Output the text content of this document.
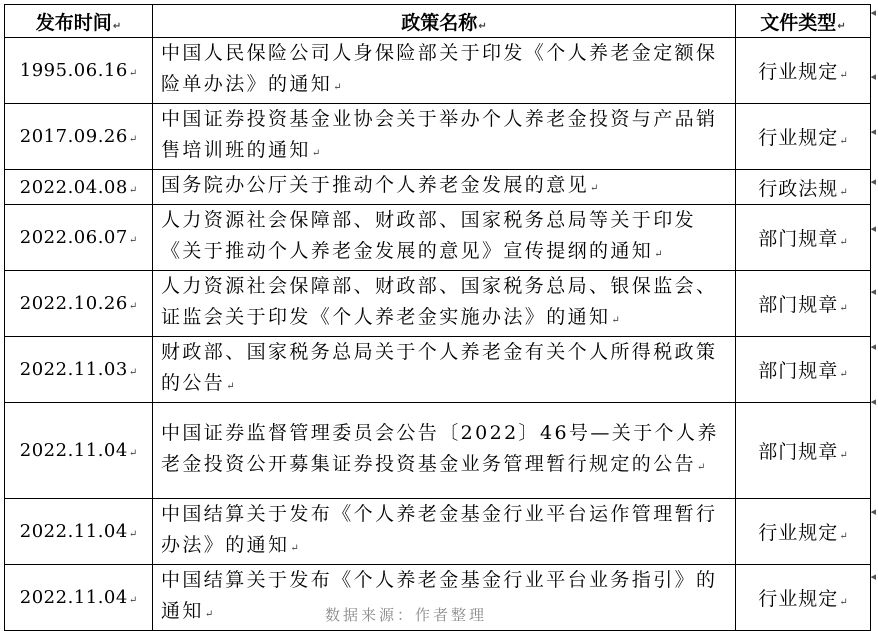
发布时间↵	政策名称↵	文件类型↵
1995.06.16↵	中国人民保险公司人身保险部关于印发《个人养老金定额保险单办法》的通知↵	行业规定↵
2017.09.26↵	中国证券投资基金业协会关于举办个人养老金投资与产品销售培训班的通知↵	行业规定↵
2022.04.08↵	国务院办公厅关于推动个人养老金发展的意见↵	行政法规↵
2022.06.07↵	人力资源社会保障部、财政部、国家税务总局等关于印发《关于推动个人养老金发展的意见》宣传提纲的通知↵	部门规章↵
2022.10.26↵	人力资源社会保障部、财政部、国家税务总局、银保监会、证监会关于印发《个人养老金实施办法》的通知↵	部门规章↵
2022.11.03↵	财政部、国家税务总局关于个人养老金有关个人所得税政策的公告↵	部门规章↵
2022.11.04↵	中国证券监督管理委员会公告〔2022〕46号—关于个人养老金投资公开募集证券投资基金业务管理暂行规定的公告↵	部门规章↵
2022.11.04↵	中国结算关于发布《个人养老金基金行业平台运作管理暂行办法》的通知↵	行业规定↵
2022.11.04↵	中国结算关于发布《个人养老金基金行业平台业务指引》的通知↵	行业规定↵
◂
◂
◂
◂
◂
◂
◂
◂
◂
◂
数据来源：作者整理
